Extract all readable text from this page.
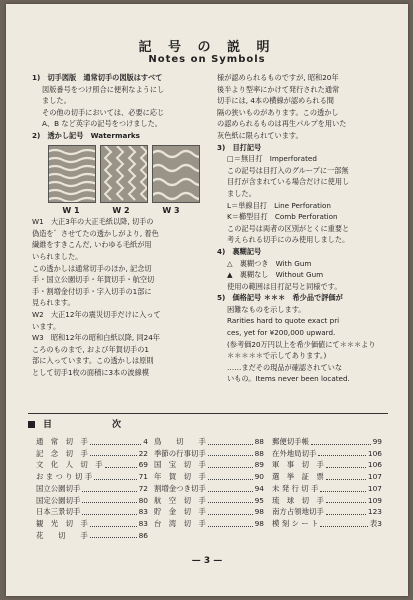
記 号 の 説 明
Notes on Symbols

1)　切手図版　通常切手の図版はすべて

図版番号をつけ照合に便利なようにし

ました。

その他の切手においては、必要に応じ

A、B など英字の記号をつけました。

2)　透かし記号　Watermarks

W 1	W 2	W 3

W1　大正3年の大正毛紙以降, 切手の

偽造を゛させてたの透かしがより, 着色

繊維をすきこんだ, いわゆる毛紙が用

いられました。

この透かしは通常切手のほか, 記念切

手・国立公園切手・年賀切手・航空切

手・割増金付切手・字入切手の1部に

見られます。

W2　大正12年の震災切手だけに入って

います。

W3　昭和12年の昭和白紙以降, 同24年

ころのものまで, および年賀切手の1

部に入っています。この透かしは原則

として切手1枚の面積に3本の波線模

様が認められるものですが, 昭和20年

後半より型率にかけて発行された通常

切手には, 4本の横線が認められる間

隔の狭いものがあります。この透かし

の認められるものは再生パルプを用いた

灰色紙に限られています。

3)　目打記号

□＝無目打　Imperforated

この記号は目打入のグループに一部無

目打が含まれている場合だけに使用し

ました。

L＝単線目打　Line Perforation

K＝櫛型目打　Comb Perforation

この記号は両者の区別がとくに重要と

考えられる切手にのみ使用しました。

4)　裏糊記号

△　裏糊つき　With Gum

▲　裏糊なし　Without Gum

使用の範囲は目打記号と同様です。

5)　価格記号 ＊＊＊　希少品で評価が

困難なものを示します。

Rarities hard to quote exact pri

ces, yet for ¥200,000 upward.

(参考価20万円以上を希少価値にて＊＊＊より

＊＊＊＊＊で示してあります。)

……まだその現品が確認されていな

いもの。Items never been located.

目　　次
通　常　切　手	4
記　念　切　手	22
文　化　人　切　手	69
お ま つ り 切 手	71
国立公園切手	72
国定公園切手	80
日本三景切手	83
観　光　切　手	83
花　　切　　手	86
鳥　　切　　手	88
季節の行事切手	88
国　宝　切　手	89
年　賀　切　手	90
割増金つき切手	94
航　空　切　手	95
貯　金　切　手	98
台　湾　切　手	98
郵便切手帳	99
在外地局切手	106
軍　事　切　手	106
選　挙　証　票	107
未 発 行 切 手	107
琉　球　切　手	109
南方占領地切手	123
模 刻 シ ー ト	表3
— 3 —
